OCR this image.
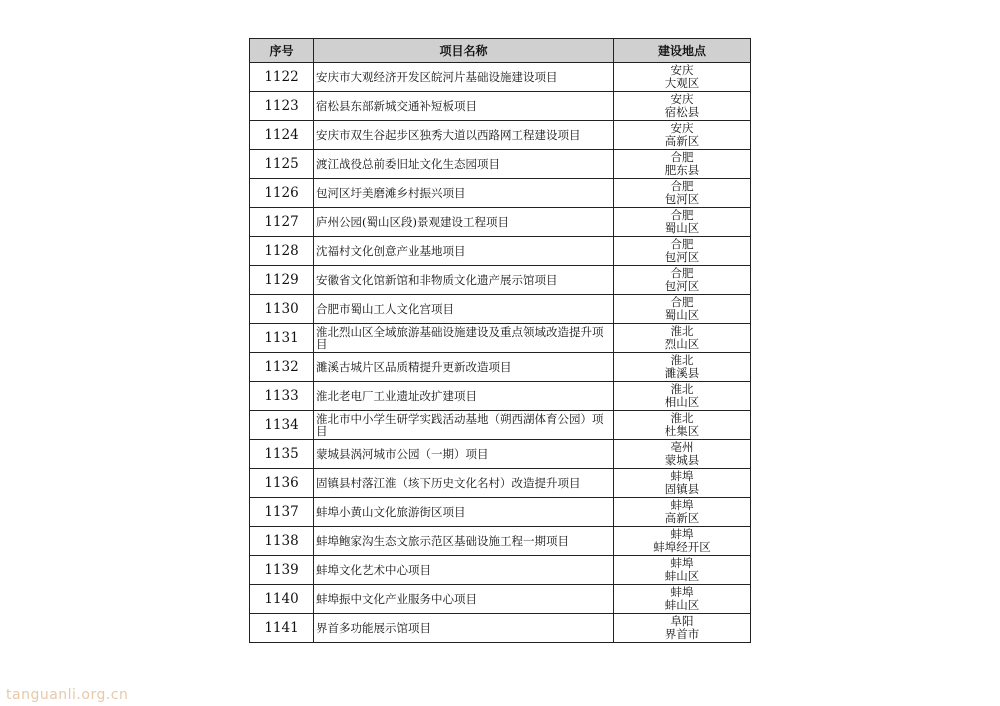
序号	项目名称	建设地点
1122	安庆市大观经济开发区皖河片基础设施建设项目	安庆
大观区

1123	宿松县东部新城交通补短板项目	安庆
宿松县

1124	安庆市双生谷起步区独秀大道以西路网工程建设项目	安庆
高新区

1125	渡江战役总前委旧址文化生态园项目	合肥
肥东县

1126	包河区圩美磨滩乡村振兴项目	合肥
包河区

1127	庐州公园(蜀山区段)景观建设工程项目	合肥
蜀山区

1128	沈福村文化创意产业基地项目	合肥
包河区

1129	安徽省文化馆新馆和非物质文化遗产展示馆项目	合肥
包河区

1130	合肥市蜀山工人文化宫项目	合肥
蜀山区

1131	淮北烈山区全域旅游基础设施建设及重点领域改造提升项目	淮北
烈山区

1132	濉溪古城片区品质精提升更新改造项目	淮北
濉溪县

1133	淮北老电厂工业遗址改扩建项目	淮北
相山区

1134	淮北市中小学生研学实践活动基地（朔西湖体育公园）项目	淮北
杜集区

1135	蒙城县涡河城市公园（一期）项目	亳州
蒙城县

1136	固镇县村落江淮（垓下历史文化名村）改造提升项目	蚌埠
固镇县

1137	蚌埠小黄山文化旅游街区项目	蚌埠
高新区

1138	蚌埠鲍家沟生态文旅示范区基础设施工程一期项目	蚌埠
蚌埠经开区

1139	蚌埠文化艺术中心项目	蚌埠
蚌山区

1140	蚌埠振中文化产业服务中心项目	蚌埠
蚌山区

1141	界首多功能展示馆项目	阜阳
界首市
tanguanli.org.cn
